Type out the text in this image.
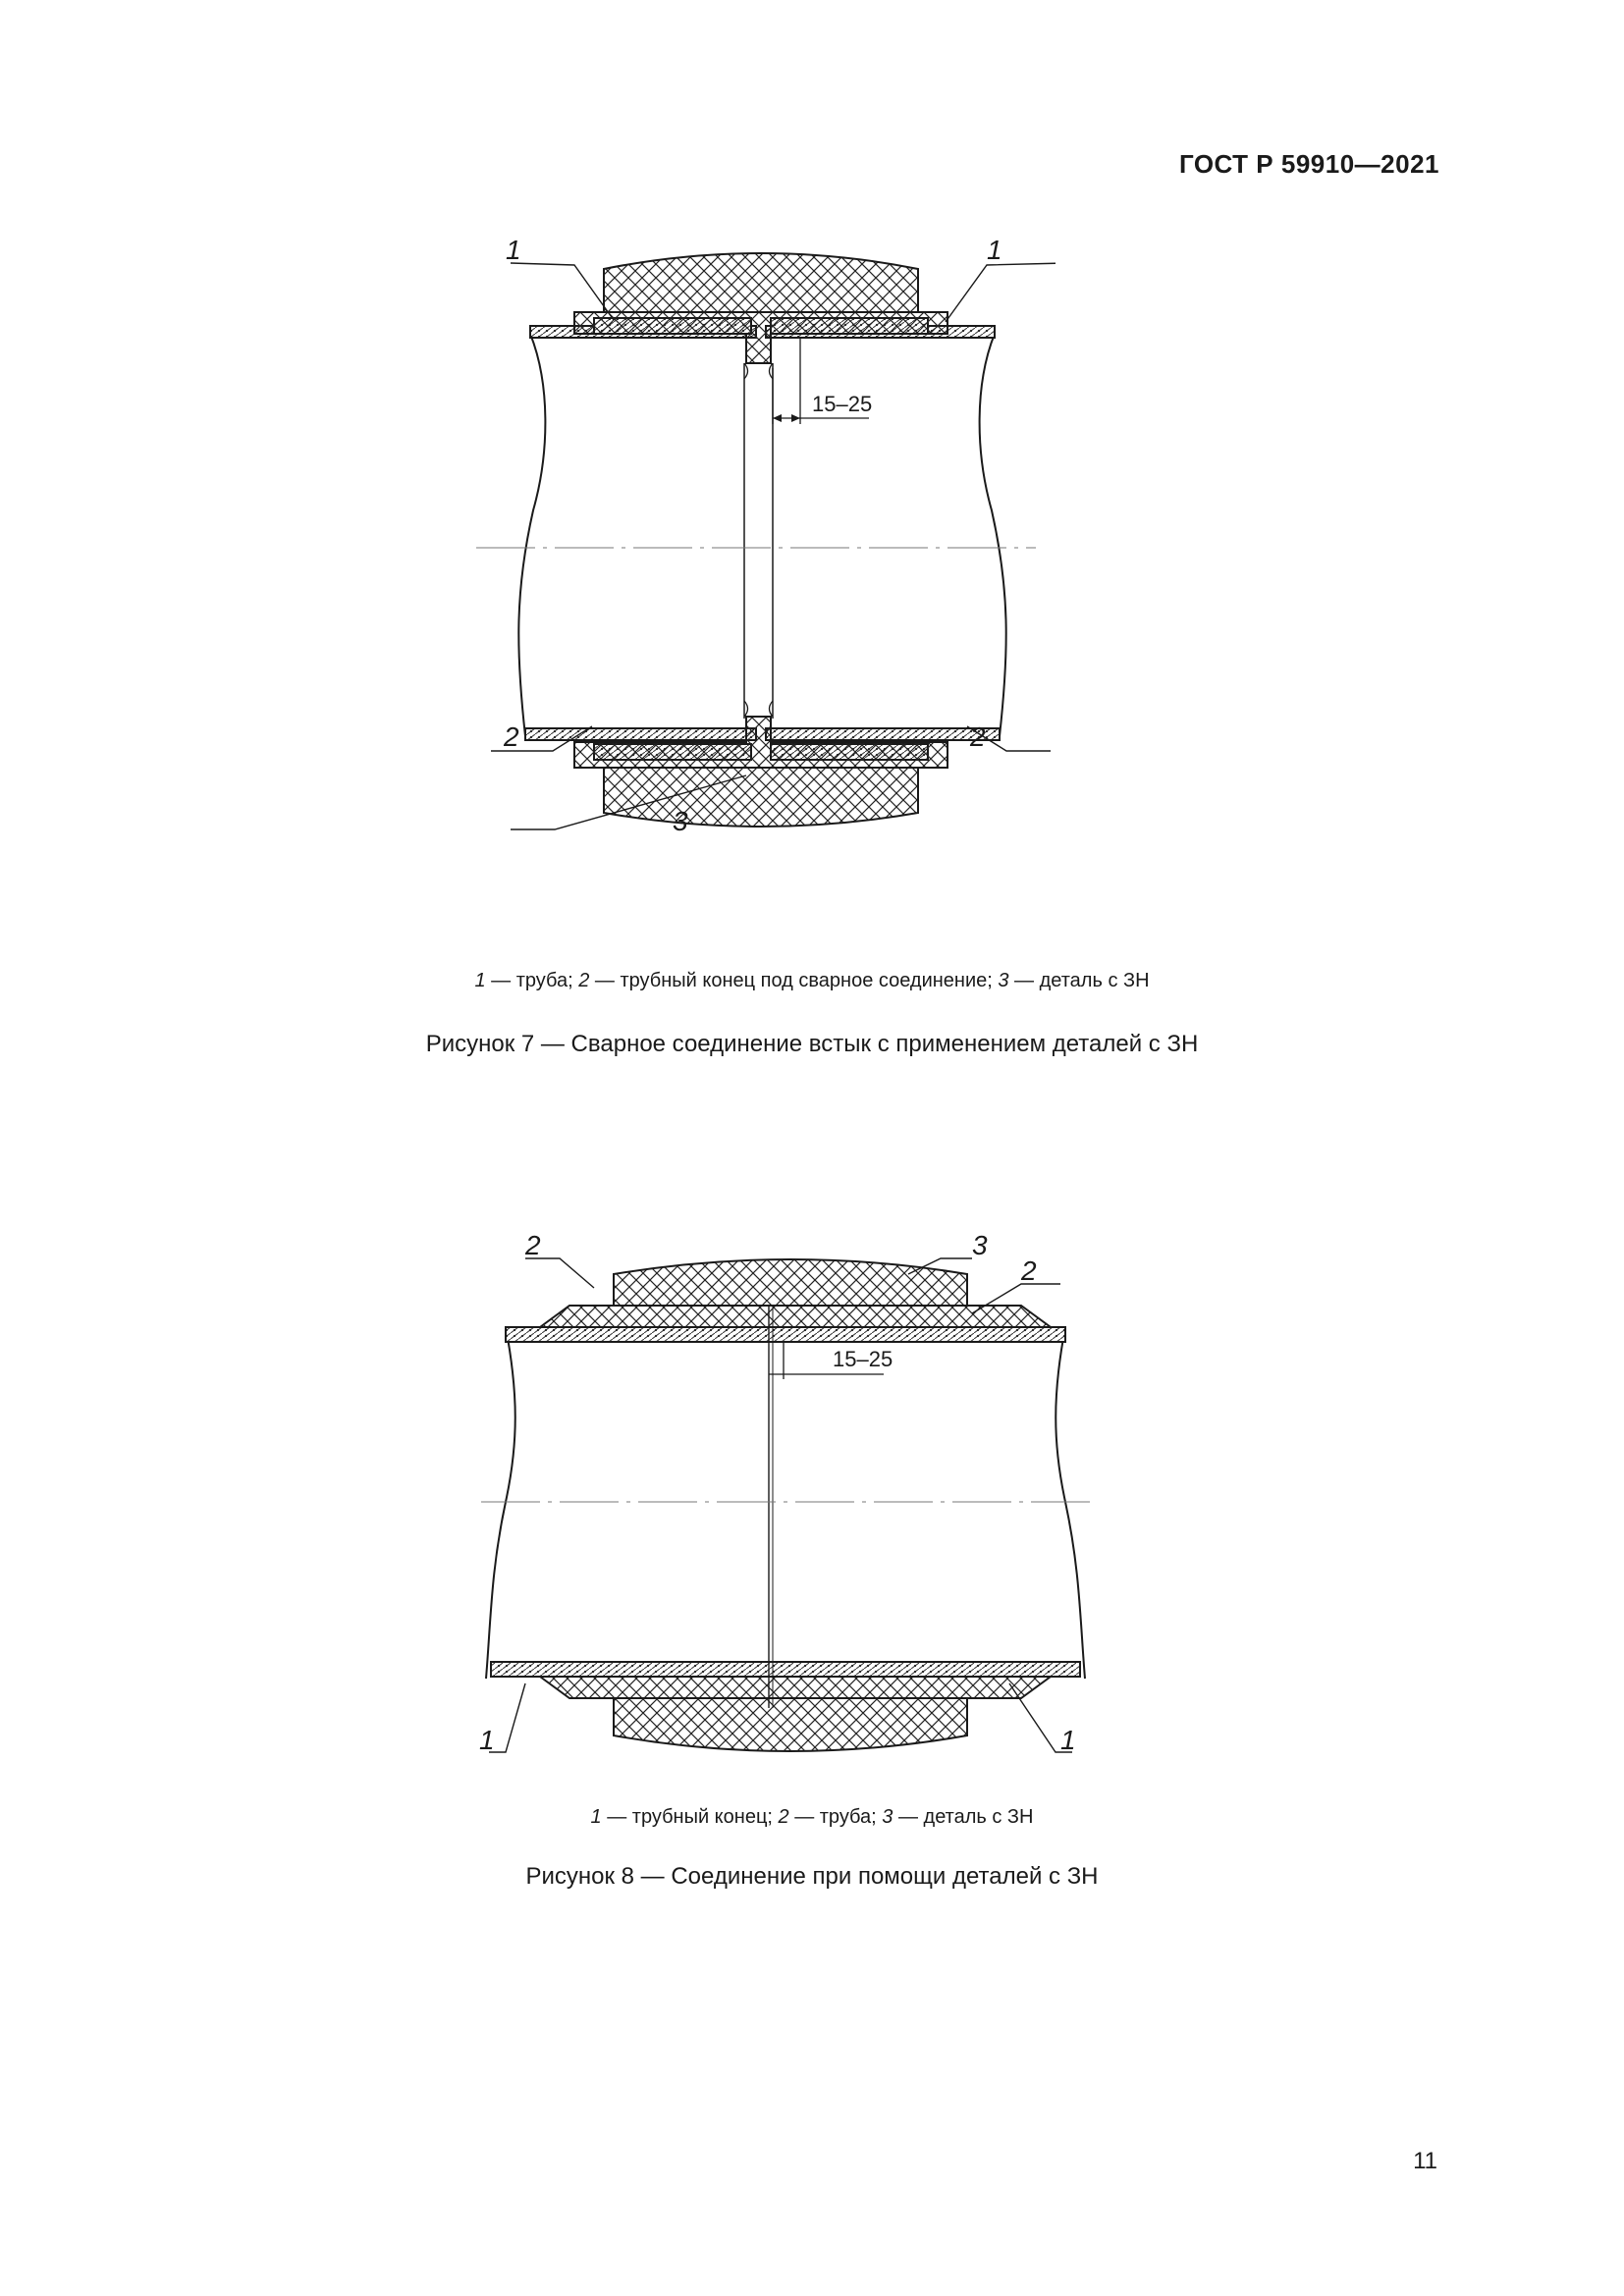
ГОСТ Р 59910—2021
1	1
2	2
3
15–25
1 — труба; 2 — трубный конец под сварное соединение; 3 — деталь с ЗН
Рисунок 7 — Сварное соединение встык с применением деталей с ЗН
2	3
2
1	1
15–25
1 — трубный конец; 2 — труба; 3 — деталь с ЗН
Рисунок 8 — Соединение при помощи деталей с ЗН
11
